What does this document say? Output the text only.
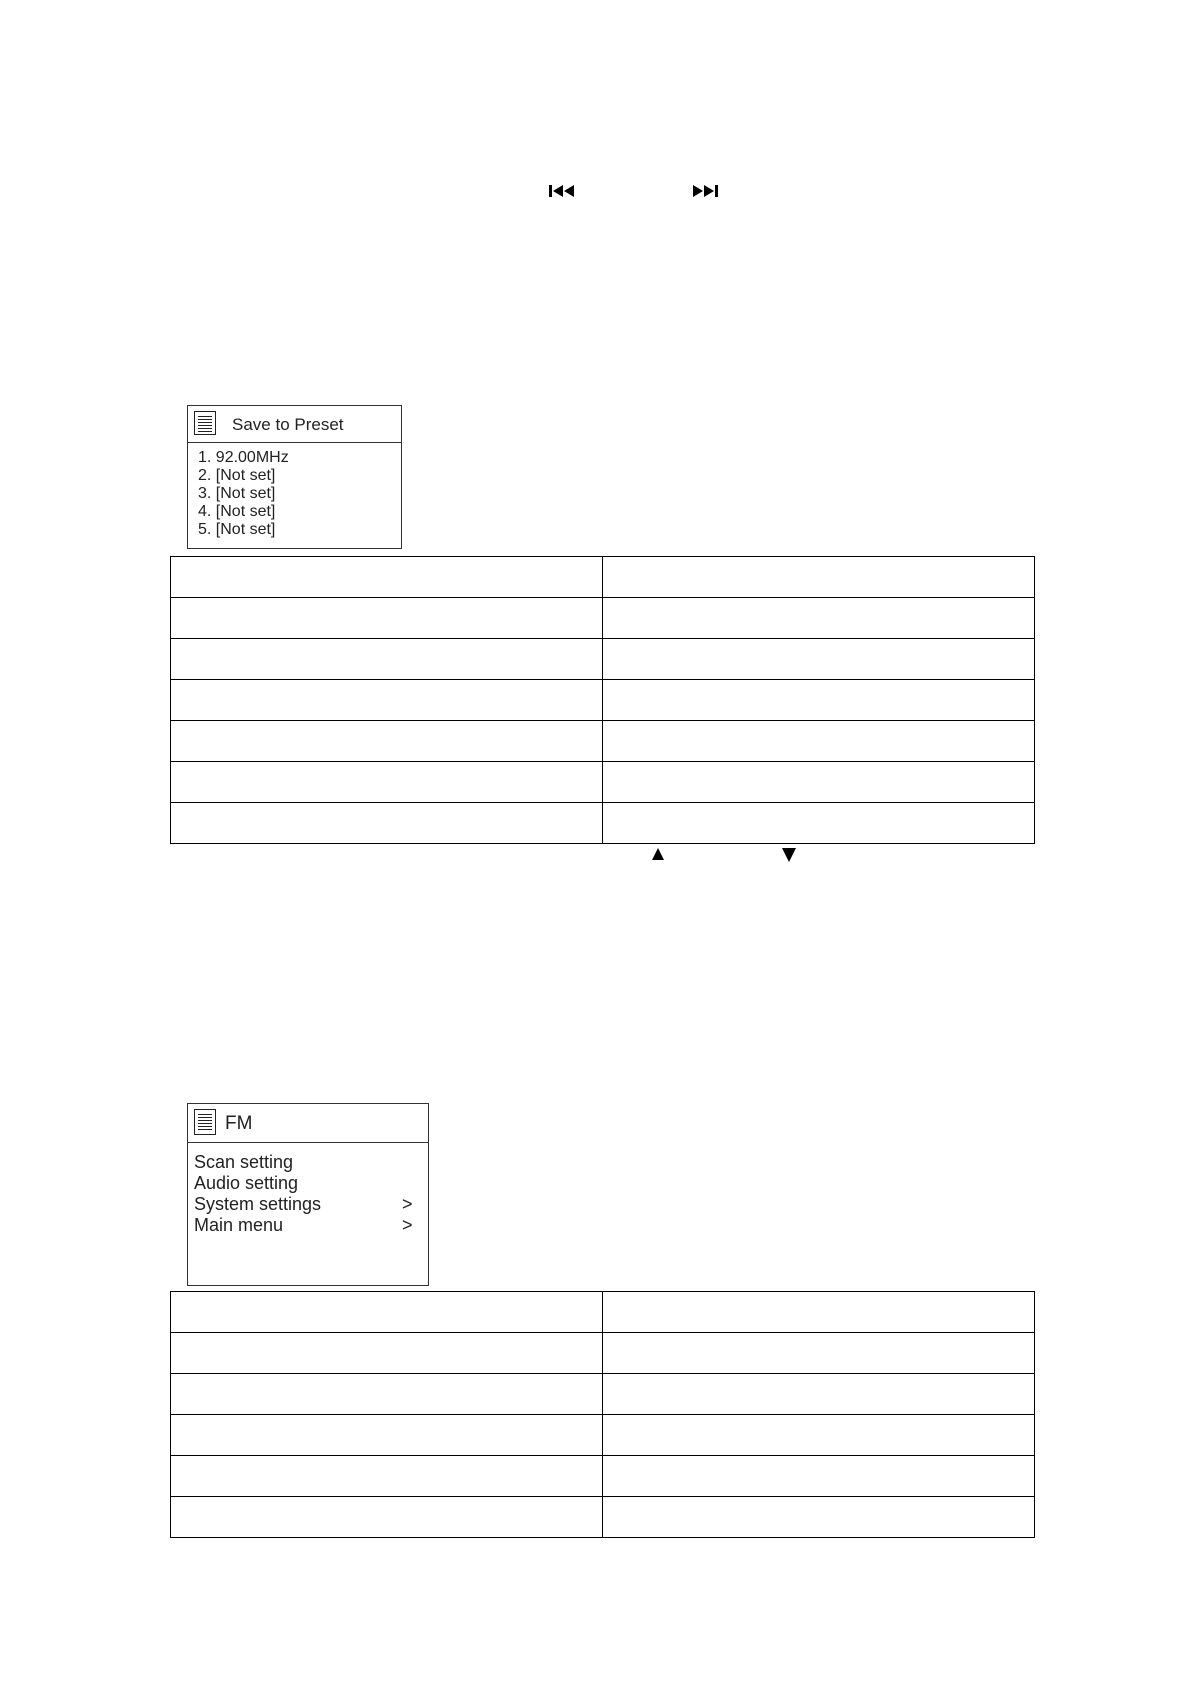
Save to Preset
1. 92.00MHz
2. [Not set]
3. [Not set]
4. [Not set]
5. [Not set]

FM
Scan setting
Audio setting
System settings	>
Main menu	>
